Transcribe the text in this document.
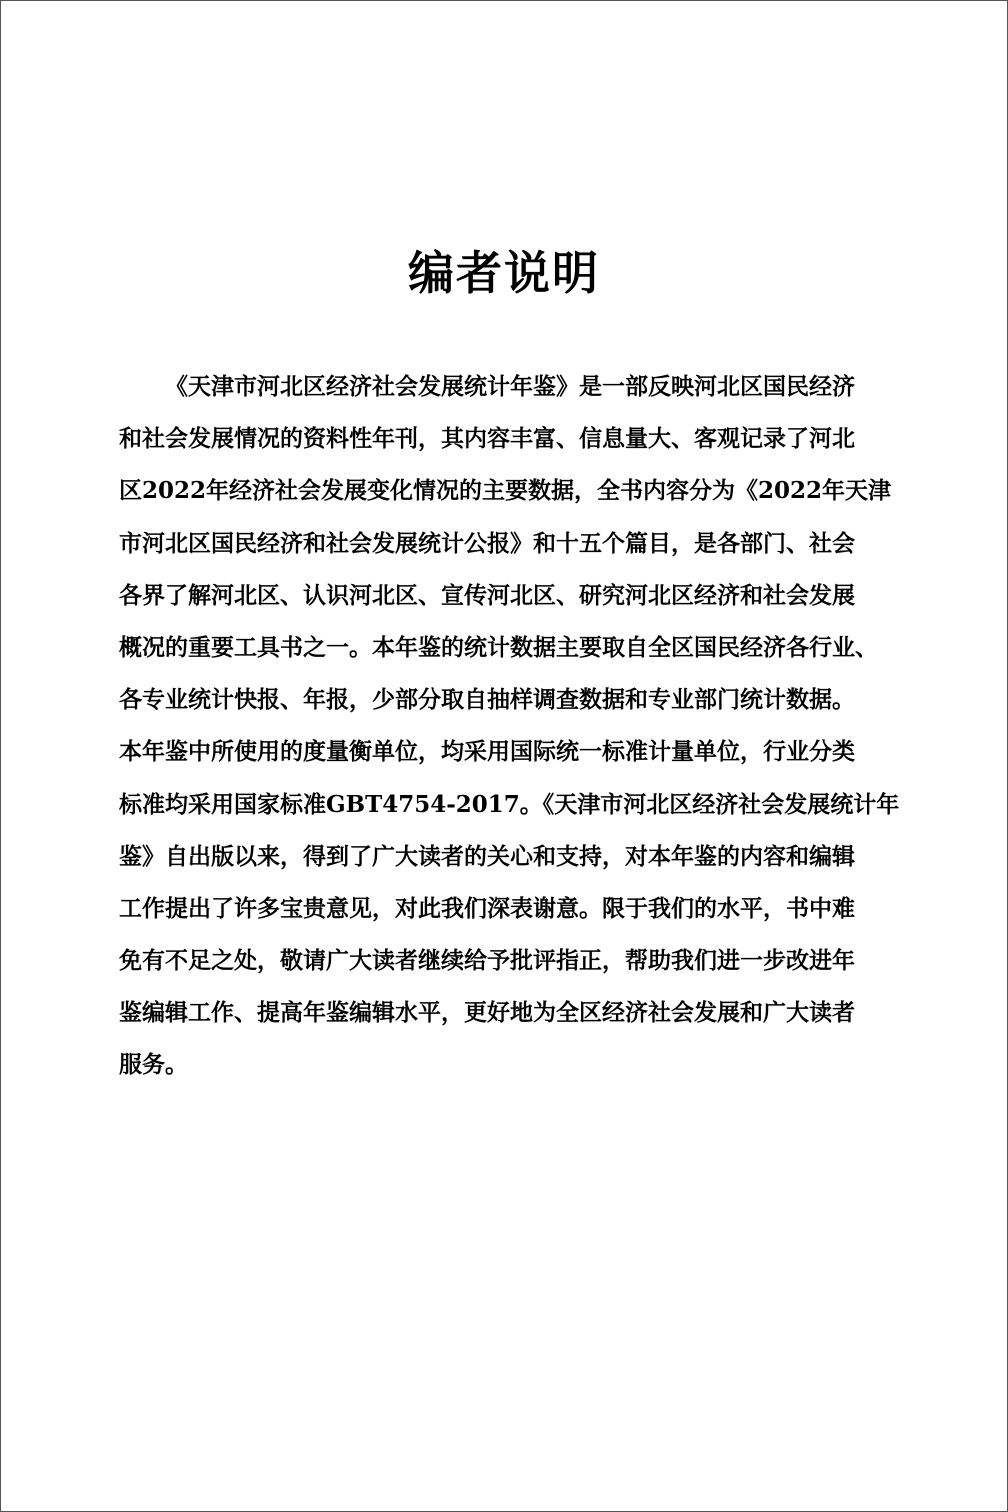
编者说明
《天津市河北区经济社会发展统计年鉴》是一部反映河北区国民经济
和社会发展情况的资料性年刊，其内容丰富、信息量大、客观记录了河北
区2022年经济社会发展变化情况的主要数据，全书内容分为《2022年天津
市河北区国民经济和社会发展统计公报》和十五个篇目，是各部门、社会
各界了解河北区、认识河北区、宣传河北区、研究河北区经济和社会发展
概况的重要工具书之一。本年鉴的统计数据主要取自全区国民经济各行业、
各专业统计快报、年报，少部分取自抽样调查数据和专业部门统计数据。
本年鉴中所使用的度量衡单位，均采用国际统一标准计量单位，行业分类
标准均采用国家标准GBT4754-2017。《天津市河北区经济社会发展统计年
鉴》自出版以来，得到了广大读者的关心和支持，对本年鉴的内容和编辑
工作提出了许多宝贵意见，对此我们深表谢意。限于我们的水平，书中难
免有不足之处，敬请广大读者继续给予批评指正，帮助我们进一步改进年
鉴编辑工作、提高年鉴编辑水平，更好地为全区经济社会发展和广大读者
服务。
